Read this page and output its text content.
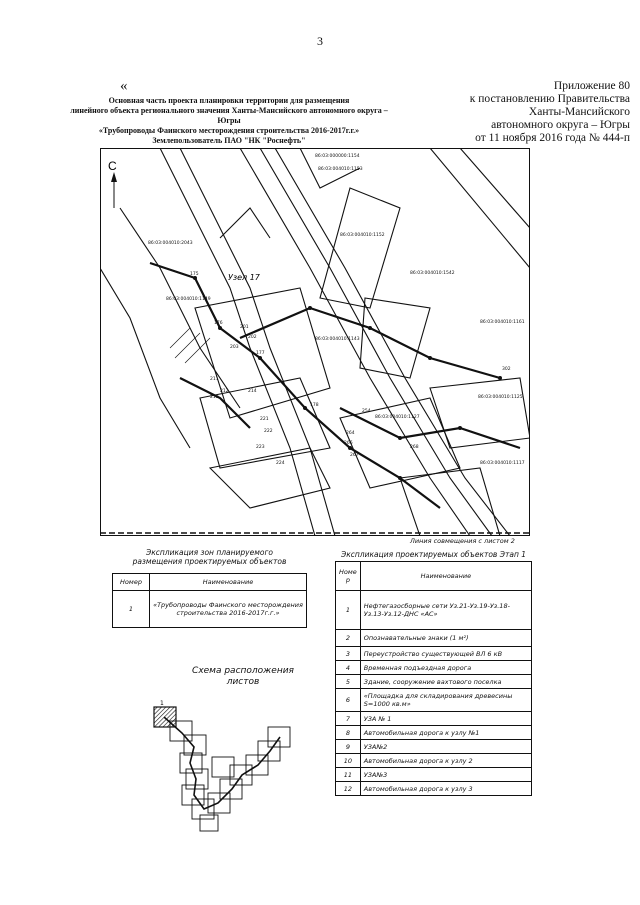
3
«
Основная часть проекта планировки территории для размещения
линейного объекта регионального значения Ханты-Мансийского автономного округа – Югры
«Трубопроводы Фаинского месторождения строительства 2016-2017г.г.»
Землепользователь ПАО "НК "Роснефть"
Приложение 80
к постановлению Правительства
Ханты-Мансийского
автономного округа – Югры
от 11 ноября 2016 года № 444-п
С
86:03:000000:1154
86:03:004010:1153
86:03:004010:1152
86:03:004010:2043
86:03:004010:1542
86:03:004010:1149
86:03:004010:1161
86:03:004010:1143
86:03:004010:1125
86:03:004010:1127
86:03:004010:1117
175
176
177
178
201
202
203
211
212
213
214
221
222
223
224
254
264
266
267
268
302
Узел 17
Линия совмещения с листом 2
Экспликация зон планируемого
размещения проектируемых объектов
Номер	Наименование
1	«Трубопроводы Фаинского месторождения строительства 2016-2017г.г.»
Экспликация проектируемых объектов Этап 1
Номе р	Наименование
1	Нефтегазосборные сети Уз.21-Уз.19-Уз.18-Уз.13-Уз.12-ДНС «АС»
2	Опознавательные знаки (1 м²)
3	Переустройство существующей ВЛ 6 кВ
4	Временная подъездная дорога
5	Здание, сооружение вахтового поселка
6	«Площадка для складирования древесины S=1000 кв.м»
7	УЗА № 1
8	Автомобильная дорога к узлу №1
9	УЗА№2
10	Автомобильная дорога к узлу 2
11	УЗА№3
12	Автомобильная дорога к узлу 3
Схема расположения
листов
1
